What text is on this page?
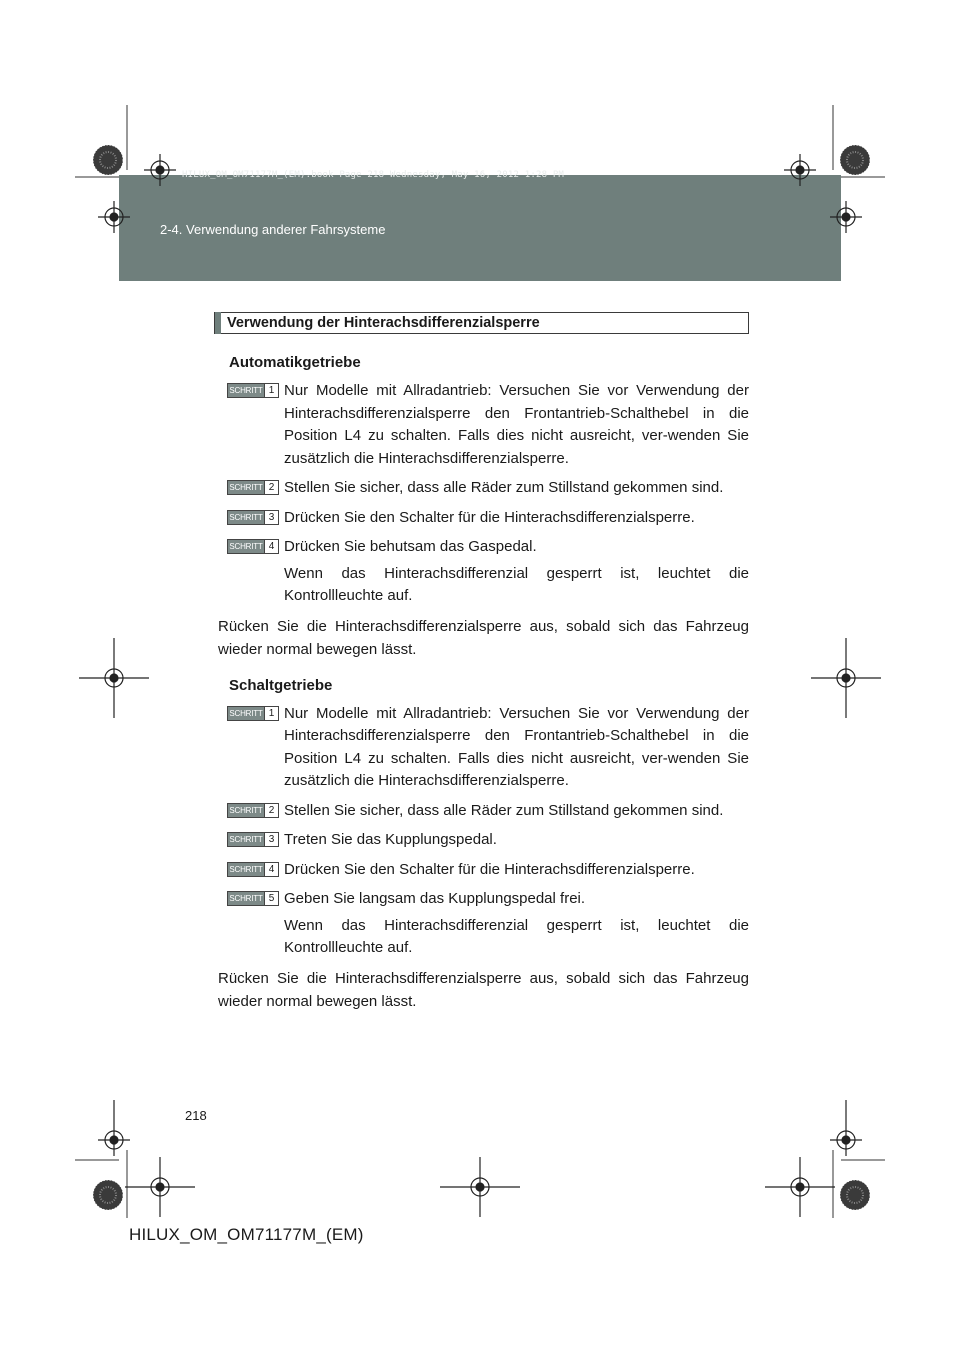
HILUX_OM_OM71177M_(EM).book Page 218 Wednesday, May 16, 2012 1:28 PM
2-4. Verwendung anderer Fahrsysteme
Verwendung der Hinterachsdifferenzialsperre
Automatikgetriebe
SCHRITT 1 Nur Modelle mit Allradantrieb: Versuchen Sie vor Verwendung der Hinterachsdifferenzialsperre den Frontantrieb-Schalthebel in die Position L4 zu schalten. Falls dies nicht ausreicht, ver-wenden Sie zusätzlich die Hinterachsdifferenzialsperre.
SCHRITT 2 Stellen Sie sicher, dass alle Räder zum Stillstand gekommen sind.
SCHRITT 3 Drücken Sie den Schalter für die Hinterachsdifferenzialsperre.
SCHRITT 4 Drücken Sie behutsam das Gaspedal.
Wenn das Hinterachsdifferenzial gesperrt ist, leuchtet die Kontrollleuchte auf.
Rücken Sie die Hinterachsdifferenzialsperre aus, sobald sich das Fahrzeug wieder normal bewegen lässt.
Schaltgetriebe
SCHRITT 1 Nur Modelle mit Allradantrieb: Versuchen Sie vor Verwendung der Hinterachsdifferenzialsperre den Frontantrieb-Schalthebel in die Position L4 zu schalten. Falls dies nicht ausreicht, ver-wenden Sie zusätzlich die Hinterachsdifferenzialsperre.
SCHRITT 2 Stellen Sie sicher, dass alle Räder zum Stillstand gekommen sind.
SCHRITT 3 Treten Sie das Kupplungspedal.
SCHRITT 4 Drücken Sie den Schalter für die Hinterachsdifferenzialsperre.
SCHRITT 5 Geben Sie langsam das Kupplungspedal frei.
Wenn das Hinterachsdifferenzial gesperrt ist, leuchtet die Kontrollleuchte auf.
Rücken Sie die Hinterachsdifferenzialsperre aus, sobald sich das Fahrzeug wieder normal bewegen lässt.
218
HILUX_OM_OM71177M_(EM)
